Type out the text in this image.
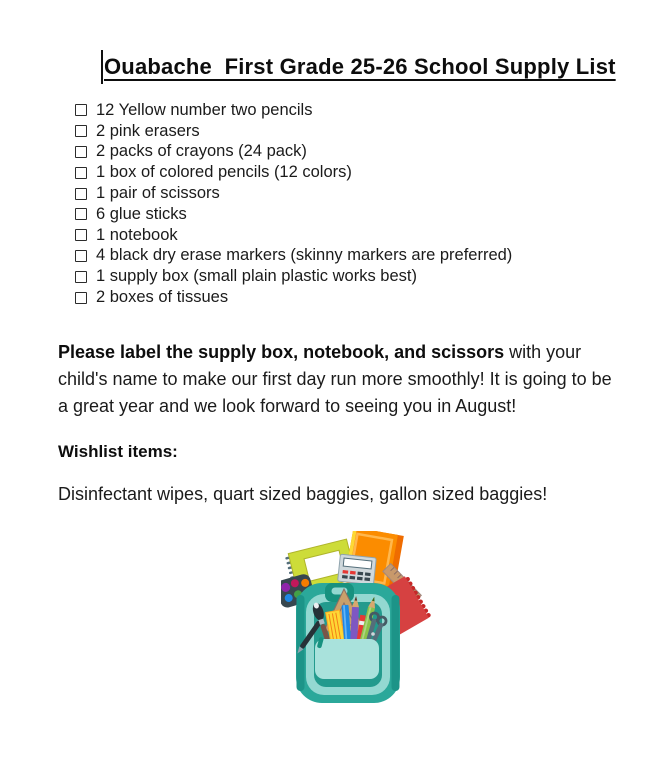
Ouabache  First Grade 25-26 School Supply List
12 Yellow number two pencils
2 pink erasers
2 packs of crayons (24 pack)
1 box of colored pencils (12 colors)
1 pair of scissors
6 glue sticks
1 notebook
4 black dry erase markers (skinny markers are preferred)
1 supply box (small plain plastic works best)
2 boxes of tissues

Please label the supply box, notebook, and scissors with your child's name to make our first day run more smoothly! It is going to be a great year and we look forward to seeing you in August!

Wishlist items:
Disinfectant wipes, quart sized baggies, gallon sized baggies!
